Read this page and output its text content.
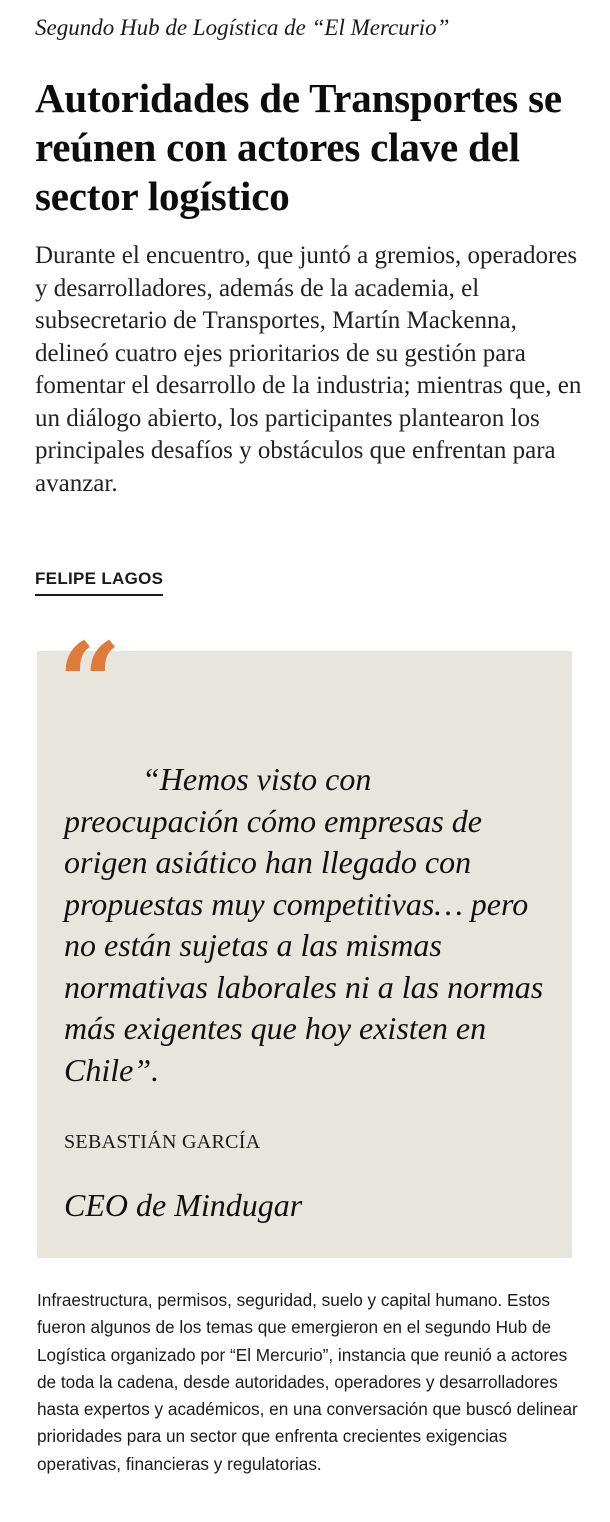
Segundo Hub de Logística de “El Mercurio”
Autoridades de Transportes se reúnen con actores clave del sector logístico

Durante el encuentro, que juntó a gremios, operadores y desarrolladores, además de la academia, el subsecretario de Transportes, Martín Mackenna, delineó cuatro ejes prioritarios de su gestión para fomentar el desarrollo de la industria; mientras que, en un diálogo abierto, los participantes plantearon los principales desafíos y obstáculos que enfrentan para avanzar.

FELIPE LAGOS
“

“Hemos visto con preocupación cómo empresas de origen asiático han llegado con propuestas muy competitivas… pero no están sujetas a las mismas normativas laborales ni a las normas más exigentes que hoy existen en Chile”.

SEBASTIÁN GARCÍA
CEO de Mindugar

Infraestructura, permisos, seguridad, suelo y capital humano. Estos fueron algunos de los temas que emergieron en el segundo Hub de Logística organizado por “El Mercurio”, instancia que reunió a actores de toda la cadena, desde autoridades, operadores y desarrolladores hasta expertos y académicos, en una conversación que buscó delinear prioridades para un sector que enfrenta crecientes exigencias operativas, financieras y regulatorias.
